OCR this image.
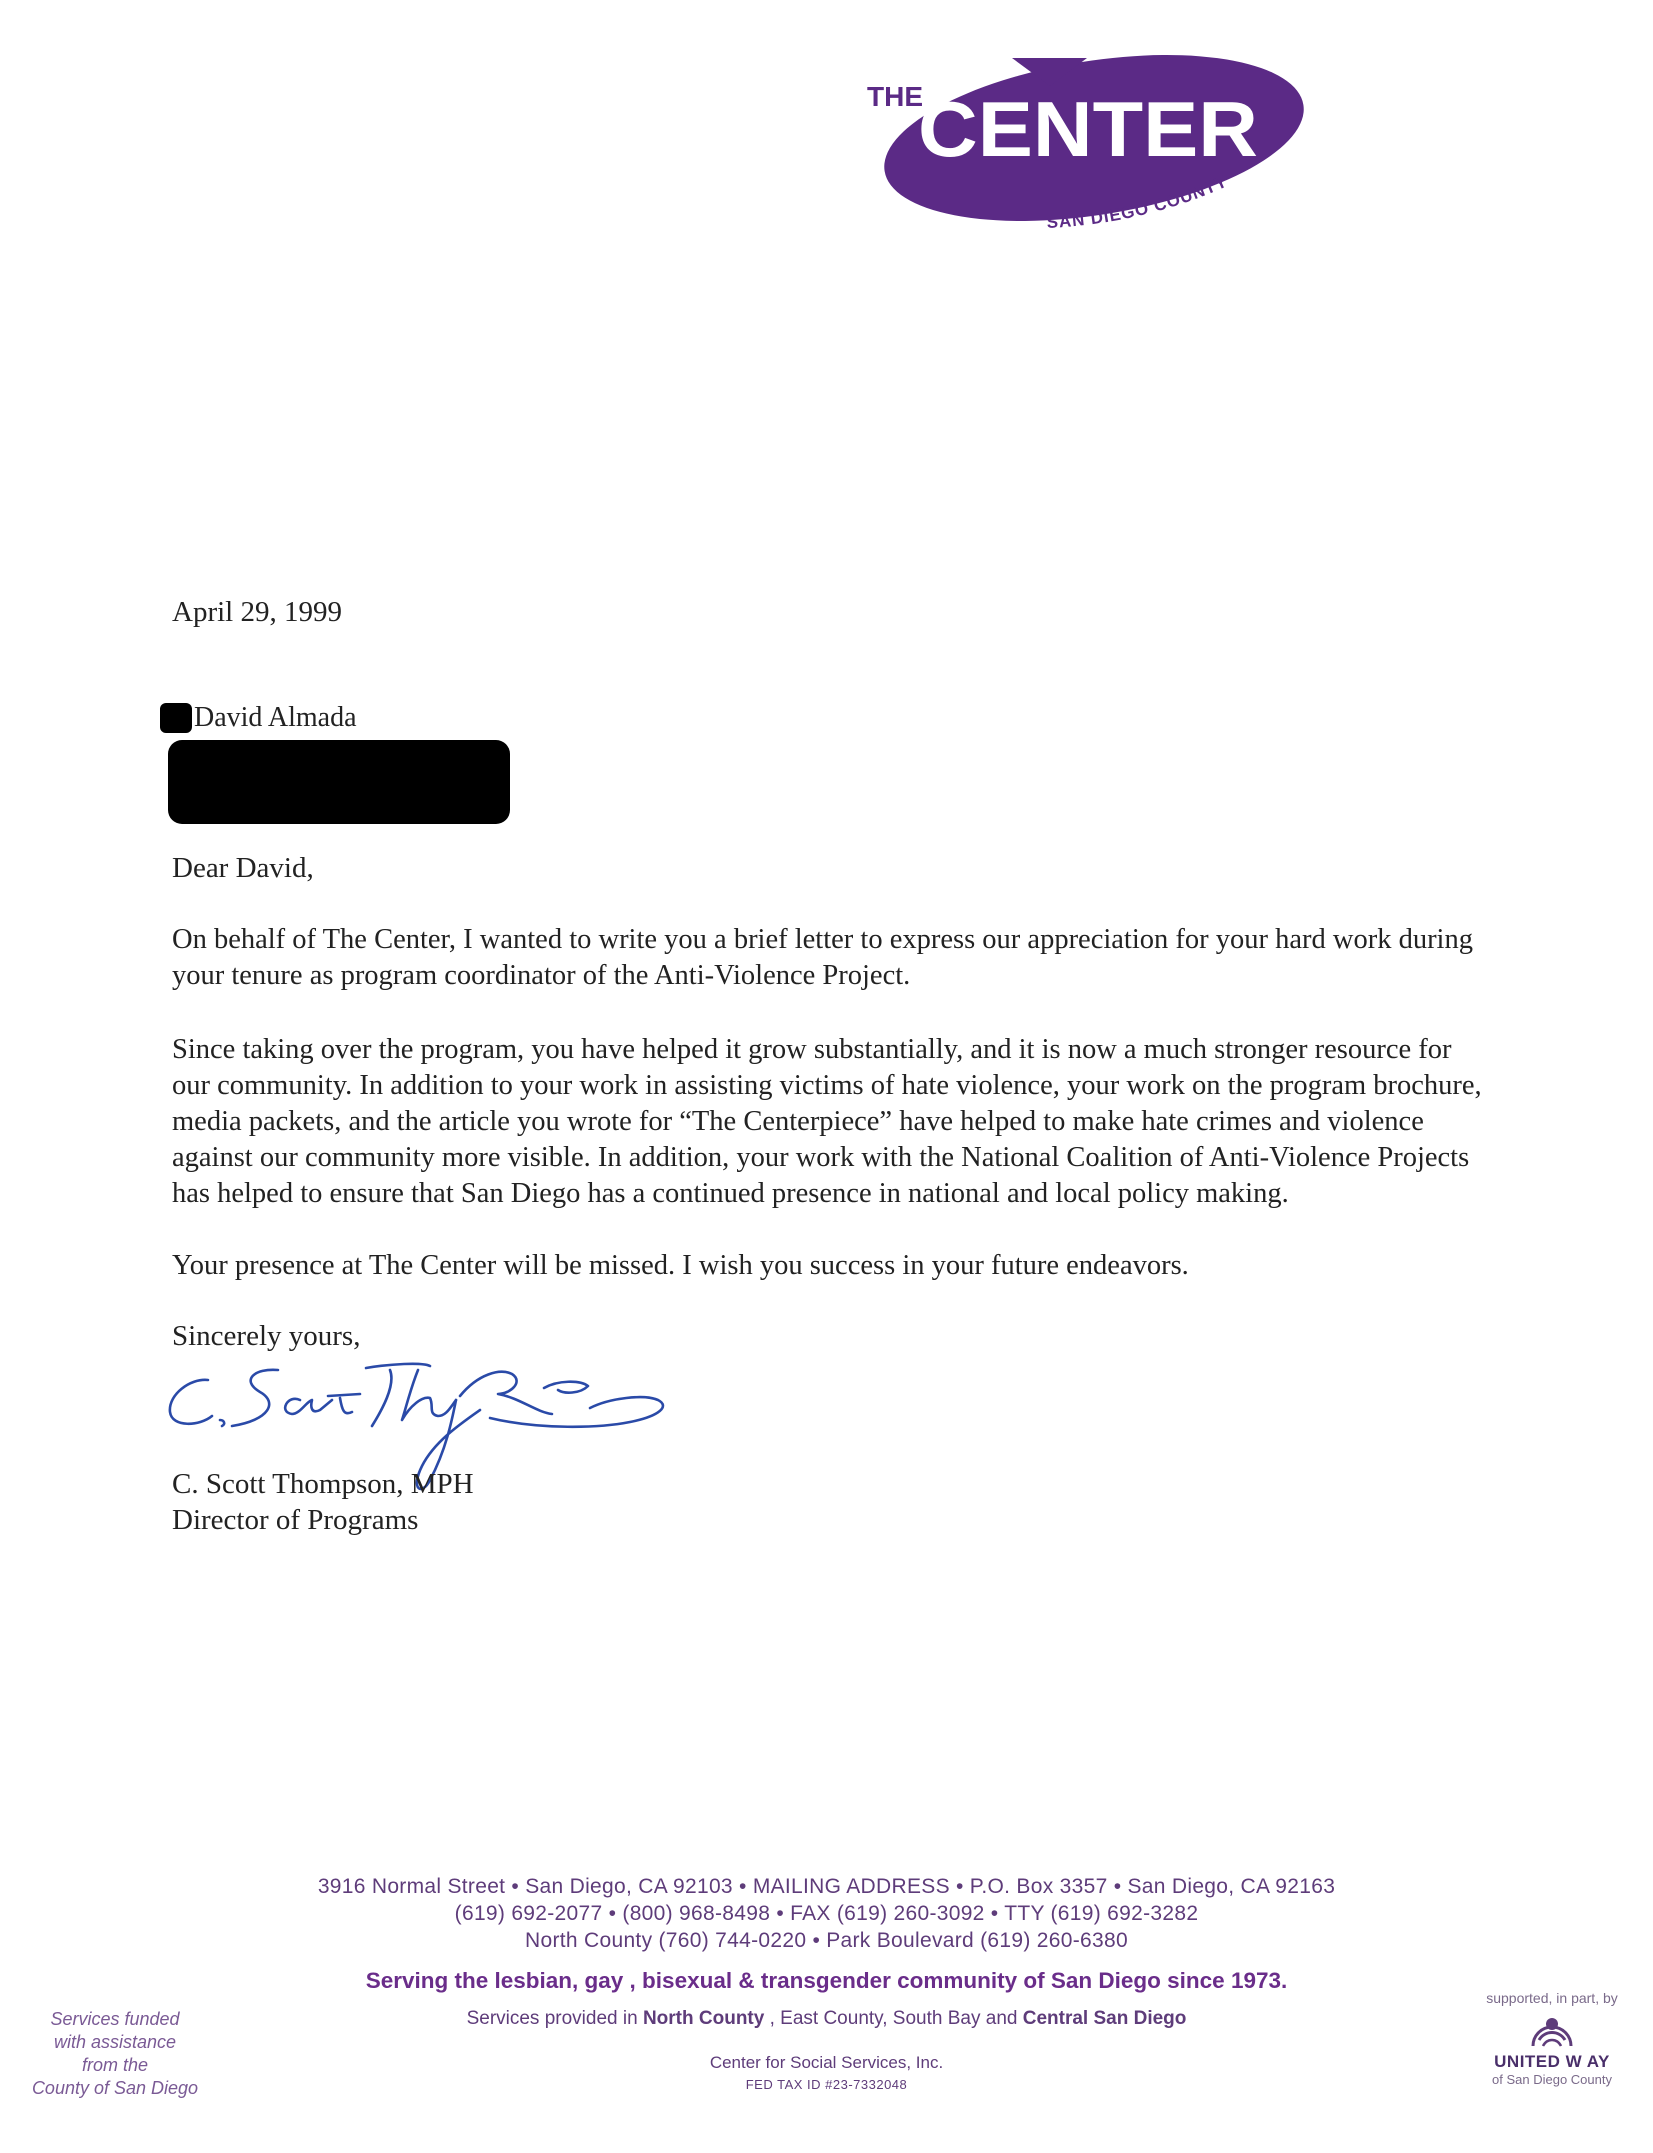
THE
CENTER
SAN DIEGO COUNTY
April 29, 1999
David Almada
Dear David,
On behalf of The Center, I wanted to write you a brief letter to express our appreciation for your hard work during your tenure as program coordinator of the Anti-Violence Project.
Since taking over the program, you have helped it grow substantially, and it is now a much stronger resource for our community. In addition to your work in assisting victims of hate violence, your work on the program brochure, media packets, and the article you wrote for “The Centerpiece” have helped to make hate crimes and violence against our community more visible. In addition, your work with the National Coalition of Anti-Violence Projects has helped to ensure that San Diego has a continued presence in national and local policy making.
Your presence at The Center will be missed. I wish you success in your future endeavors.
Sincerely yours,
C. Scott Thompson, MPH
Director of Programs
3916 Normal Street • San Diego, CA 92103 • MAILING ADDRESS • P.O. Box 3357 • San Diego, CA 92163
(619) 692-2077 • (800) 968-8498 • FAX (619) 260-3092 • TTY (619) 692-3282
North County (760) 744-0220 • Park Boulevard (619) 260-6380
Serving the lesbian, gay , bisexual & transgender community of San Diego since 1973.
Services provided in North County , East County, South Bay and Central San Diego
Center for Social Services, Inc.
FED TAX ID #23-7332048
Services funded
with assistance
from the
County of San Diego
supported, in part, by
UNITED W AY
of San Diego County
